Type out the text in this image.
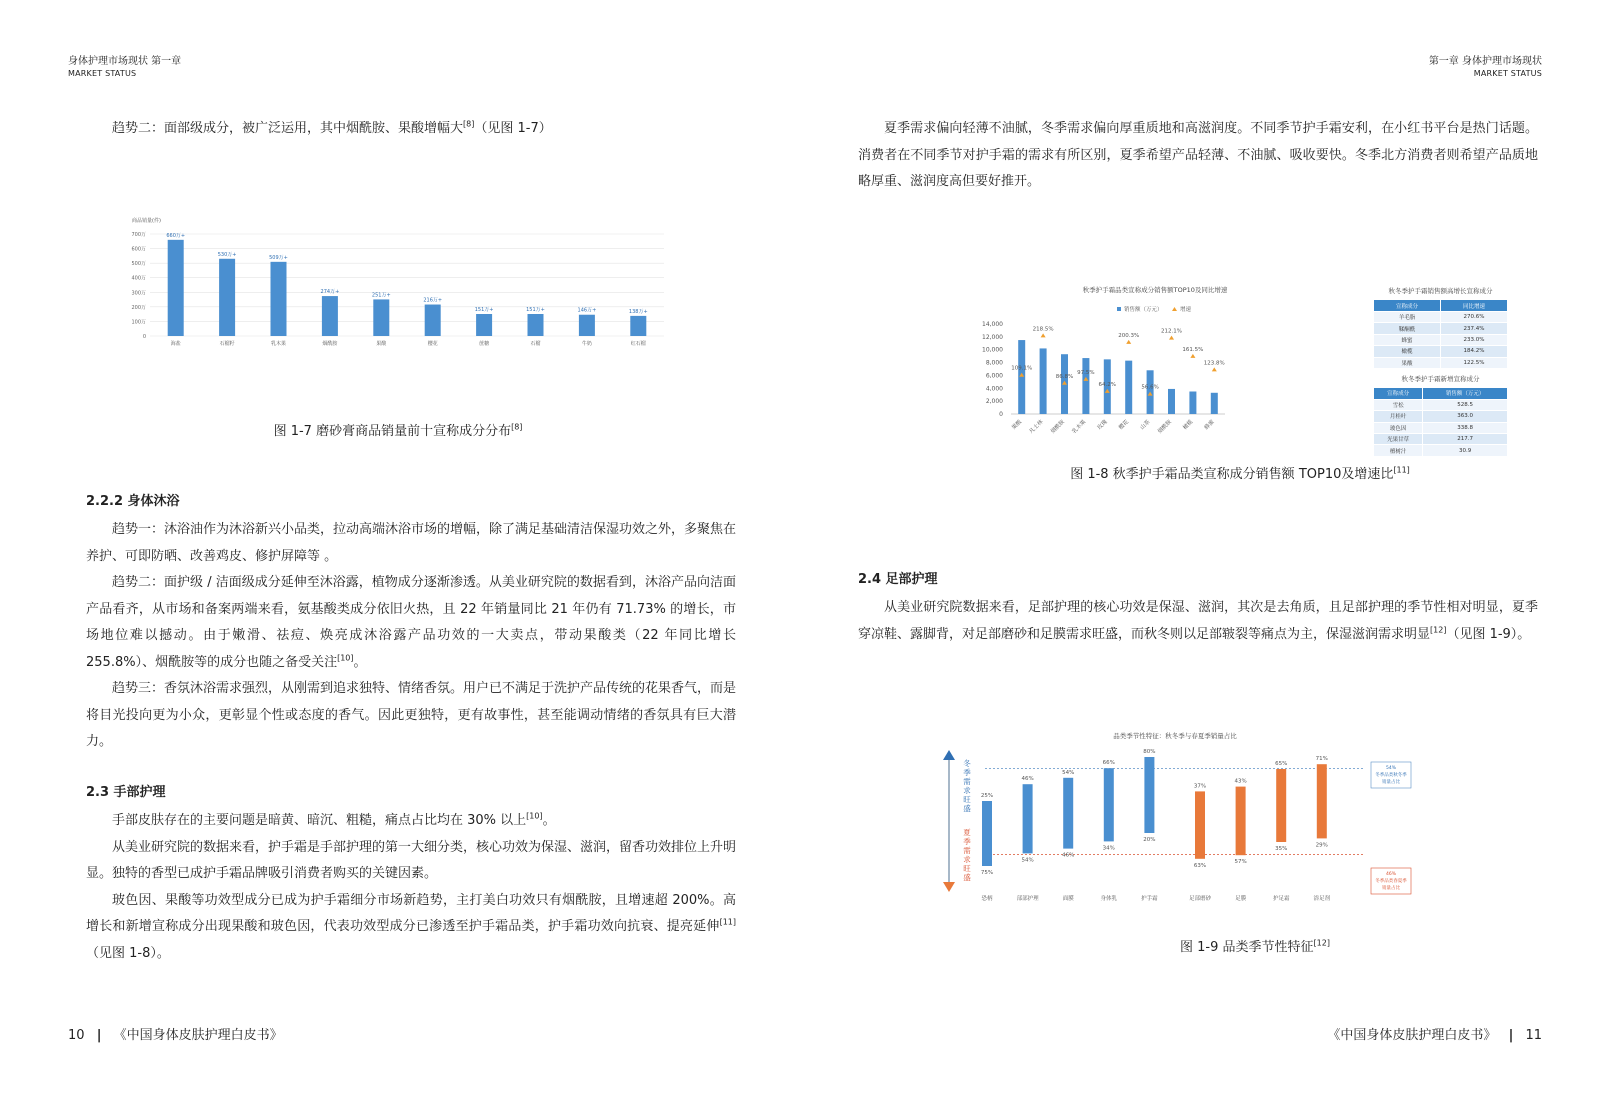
身体护理市场现状 第一章
MARKET STATUS

趋势二：面部级成分，被广泛运用，其中烟酰胺、果酸增幅大[8]（见图 1-7）

商品销量(件)
700万
600万
500万
400万
300万
200万
100万
0
660万+
海盐
530万+
石榴籽
509万+
乳木果
274万+
烟酰胺
251万+
果酸
216万+
樱花
151万+
蔗糖
151万+
石榴
146万+
牛奶
138万+
红石榴
图 1-7 磨砂膏商品销量前十宣称成分分布[8]
2.2.2 身体沐浴

趋势一：沐浴油作为沐浴新兴小品类，拉动高端沐浴市场的增幅，除了满足基础清洁保湿功效之外，多聚焦在养护、可即防晒、改善鸡皮、修护屏障等 。

趋势二：面护级 / 洁面级成分延伸至沐浴露，植物成分逐渐渗透。从美业研究院的数据看到，沐浴产品向洁面产品看齐，从市场和备案两端来看，氨基酸类成分依旧火热，且 22 年销量同比 21 年仍有 71.73% 的增长，市场地位难以撼动。由于嫩滑、祛痘、焕亮成沐浴露产品功效的一大卖点，带动果酸类（22 年同比增长 255.8%）、烟酰胺等的成分也随之备受关注[10]。

趋势三：香氛沐浴需求强烈，从刚需到追求独特、情绪香氛。用户已不满足于洗护产品传统的花果香气，而是将目光投向更为小众，更彰显个性或态度的香气。因此更独特，更有故事性，甚至能调动情绪的香氛具有巨大潜力。

2.3 手部护理

手部皮肤存在的主要问题是暗黄、暗沉、粗糙，痛点占比均在 30% 以上[10]。

从美业研究院的数据来看，护手霜是手部护理的第一大细分类，核心功效为保湿、滋润，留香功效排位上升明显。独特的香型已成护手霜品牌吸引消费者购买的关键因素。

玻色因、果酸等功效型成分已成为护手霜细分市场新趋势，主打美白功效只有烟酰胺，且增速超 200%。高增长和新增宣称成分出现果酸和玻色因，代表功效型成分已渗透至护手霜品类，护手霜功效向抗衰、提亮延伸[11]（见图 1-8）。

10 | 《中国身体皮肤护理白皮书》
第一章 身体护理市场现状
MARKET STATUS

夏季需求偏向轻薄不油腻，冬季需求偏向厚重质地和高滋润度。不同季节护手霜安利，在小红书平台是热门话题。消费者在不同季节对护手霜的需求有所区别，夏季希望产品轻薄、不油腻、吸收要快。冬季北方消费者则希望产品质地略厚重、滋润度高但要好推开。

秋季护手霜品类宣称成分销售额TOP10及同比增速
销售额（万元）	增速
14,000
12,000
10,000
8,000
6,000
4,000
2,000
0
109.1%
果酸
218.5%
凡士林
86.8%
烟酰胺
97.5%
乳木果
64.2%
玫瑰
200.3%
樱花
56.6%
山茶
212.1%
烟酰胺
161.5%
橄榄
123.8%
蜂蜜
秋冬季护手霜销售额高增长宣称成分
宣称成分	同比增速
羊毛脂	270.6%
鞣酮酰	237.4%
蜂蜜	233.0%
橄榄	184.2%
果酸	122.5%
秋冬季护手霜新增宣称成分
宣称成分	销售额（万元）
雪松	528.5
月桂叶	363.0
玻色因	338.8
光果甘草	217.7
檀树汁	30.9
图 1-8 秋季护手霜品类宣称成分销售额 TOP10及增速比[11]
2.4 足部护理

从美业研究院数据来看，足部护理的核心功效是保湿、滋润，其次是去角质，且足部护理的季节性相对明显，夏季穿凉鞋、露脚背，对足部磨砂和足膜需求旺盛，而秋冬则以足部皲裂等痛点为主，保湿滋润需求明显[12]（见图 1-9）。

品类季节性特征：秋冬季与春夏季销量占比
冬
季
需
求
旺
盛
夏
季
需
求
旺
盛
25%
75%
恐柄
46%
54%
部部护理
54%
46%
面膜
66%
34%
身体乳
80%
20%
护手霜
37%
63%
足部磨砂
43%
57%
足膜
65%
35%
护足霜
71%
29%
浴足剂
54%
冬季品类秋冬季
销量占比
46%
冬季品类春夏季
销量占比
图 1-9 品类季节性特征[12]
《中国身体皮肤护理白皮书》 | 11
